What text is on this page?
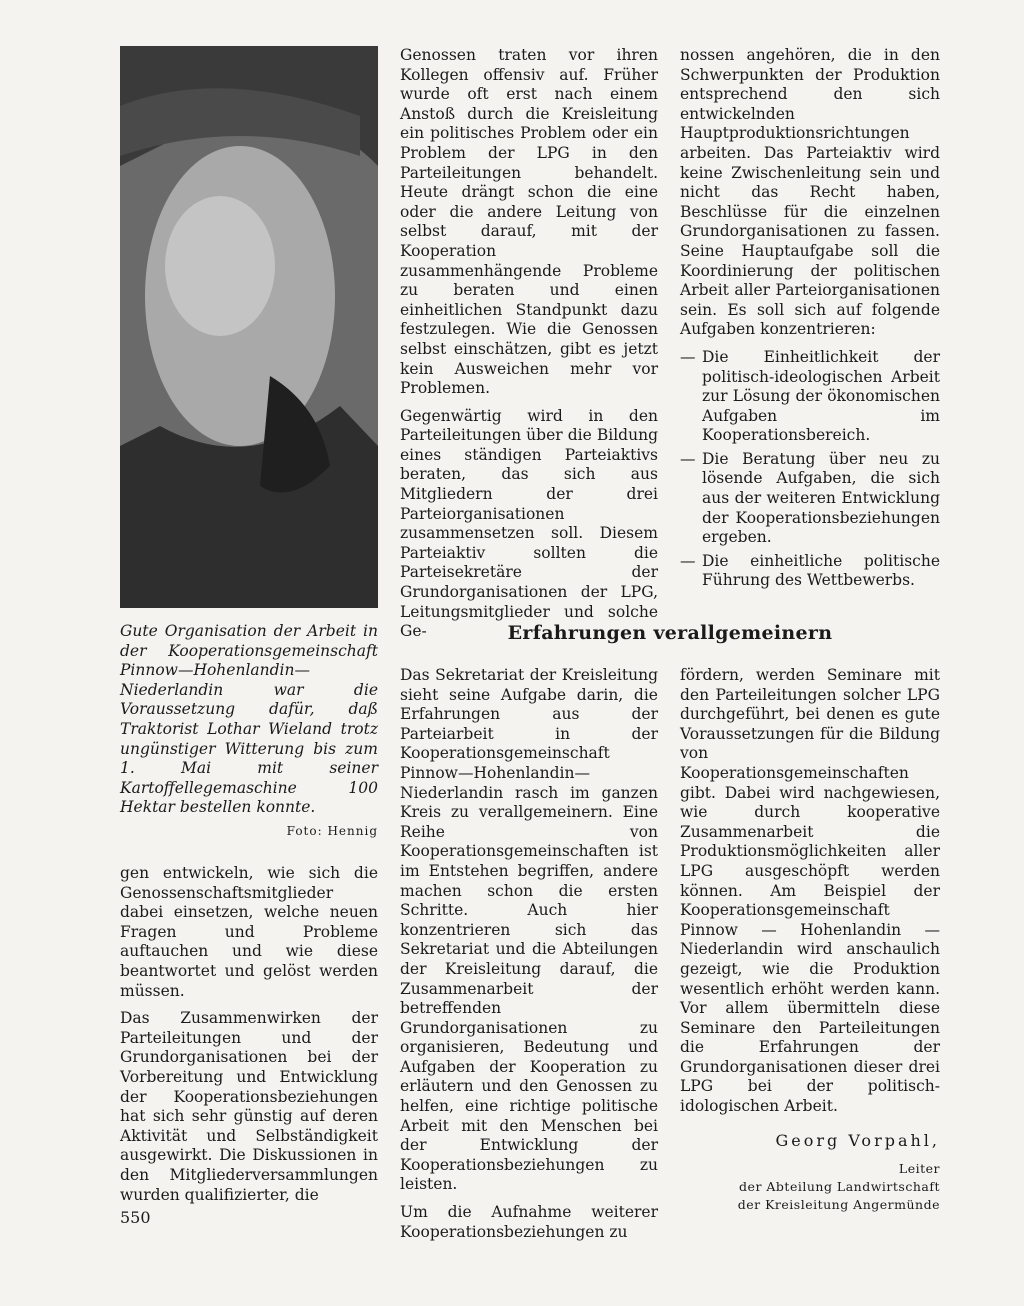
Gute Organisation der Arbeit in der Kooperationsgemeinschaft Pinnow—Hohenlandin—Niederlandin war die Voraussetzung dafür, daß Traktorist Lothar Wieland trotz ungünstiger Witterung bis zum 1. Mai mit seiner Kartoffellegemaschine 100 Hektar bestellen konnte.
Foto: Hennig

gen entwickeln, wie sich die Genossenschaftsmitglieder dabei einsetzen, welche neuen Fragen und Probleme auftauchen und wie diese beantwortet und gelöst werden müssen.

Das Zusammenwirken der Parteileitungen und der Grundorganisationen bei der Vorbereitung und Entwicklung der Kooperationsbeziehungen hat sich sehr günstig auf deren Aktivität und Selbständigkeit ausgewirkt. Die Diskussionen in den Mitgliederversammlungen wurden qualifizierter, die

Genossen traten vor ihren Kollegen offensiv auf. Früher wurde oft erst nach einem Anstoß durch die Kreisleitung ein politisches Problem oder ein Problem der LPG in den Parteileitungen behandelt. Heute drängt schon die eine oder die andere Leitung von selbst darauf, mit der Kooperation zusammenhängende Probleme zu beraten und einen einheitlichen Standpunkt dazu festzulegen. Wie die Genossen selbst einschätzen, gibt es jetzt kein Ausweichen mehr vor Problemen.

Gegenwärtig wird in den Parteileitungen über die Bildung eines ständigen Parteiaktivs beraten, das sich aus Mitgliedern der drei Parteiorganisationen zusammensetzen soll. Diesem Parteiaktiv sollten die Parteisekretäre der Grundorganisationen der LPG, Leitungsmitglieder und solche Ge-

nossen angehören, die in den Schwerpunkten der Produktion entsprechend den sich entwickelnden Hauptproduktionsrichtungen arbeiten. Das Parteiaktiv wird keine Zwischenleitung sein und nicht das Recht haben, Beschlüsse für die einzelnen Grundorganisationen zu fassen. Seine Hauptaufgabe soll die Koordinierung der politischen Arbeit aller Parteiorganisationen sein. Es soll sich auf folgende Aufgaben konzentrieren:

— Die Einheitlichkeit der politisch-ideologischen Arbeit zur Lösung der ökonomischen Aufgaben im Kooperationsbereich.
— Die Beratung über neu zu lösende Aufgaben, die sich aus der weiteren Entwicklung der Kooperationsbeziehungen ergeben.
— Die einheitliche politische Führung des Wettbewerbs.
Erfahrungen verallgemeinern

Das Sekretariat der Kreisleitung sieht seine Aufgabe darin, die Erfahrungen aus der Parteiarbeit in der Kooperationsgemeinschaft Pinnow—Hohenlandin—Niederlandin rasch im ganzen Kreis zu verallgemeinern. Eine Reihe von Kooperationsgemeinschaften ist im Entstehen begriffen, andere machen schon die ersten Schritte. Auch hier konzentrieren sich das Sekretariat und die Abteilungen der Kreisleitung darauf, die Zusammenarbeit der betreffenden Grundorganisationen zu organisieren, Bedeutung und Aufgaben der Kooperation zu erläutern und den Genossen zu helfen, eine richtige politische Arbeit mit den Menschen bei der Entwicklung der Kooperationsbeziehungen zu leisten.

Um die Aufnahme weiterer Kooperationsbeziehungen zu

fördern, werden Seminare mit den Parteileitungen solcher LPG durchgeführt, bei denen es gute Voraussetzungen für die Bildung von Kooperationsgemeinschaften gibt. Dabei wird nachgewiesen, wie durch kooperative Zusammenarbeit die Produktionsmöglichkeiten aller LPG ausgeschöpft werden können. Am Beispiel der Kooperationsgemeinschaft Pinnow — Hohenlandin — Niederlandin wird anschaulich gezeigt, wie die Produktion wesentlich erhöht werden kann. Vor allem übermitteln diese Seminare den Parteileitungen die Erfahrungen der Grundorganisationen dieser drei LPG bei der politisch-idologischen Arbeit.

Georg Vorpahl,
Leiter
der Abteilung Landwirtschaft
der Kreisleitung Angermünde
550
